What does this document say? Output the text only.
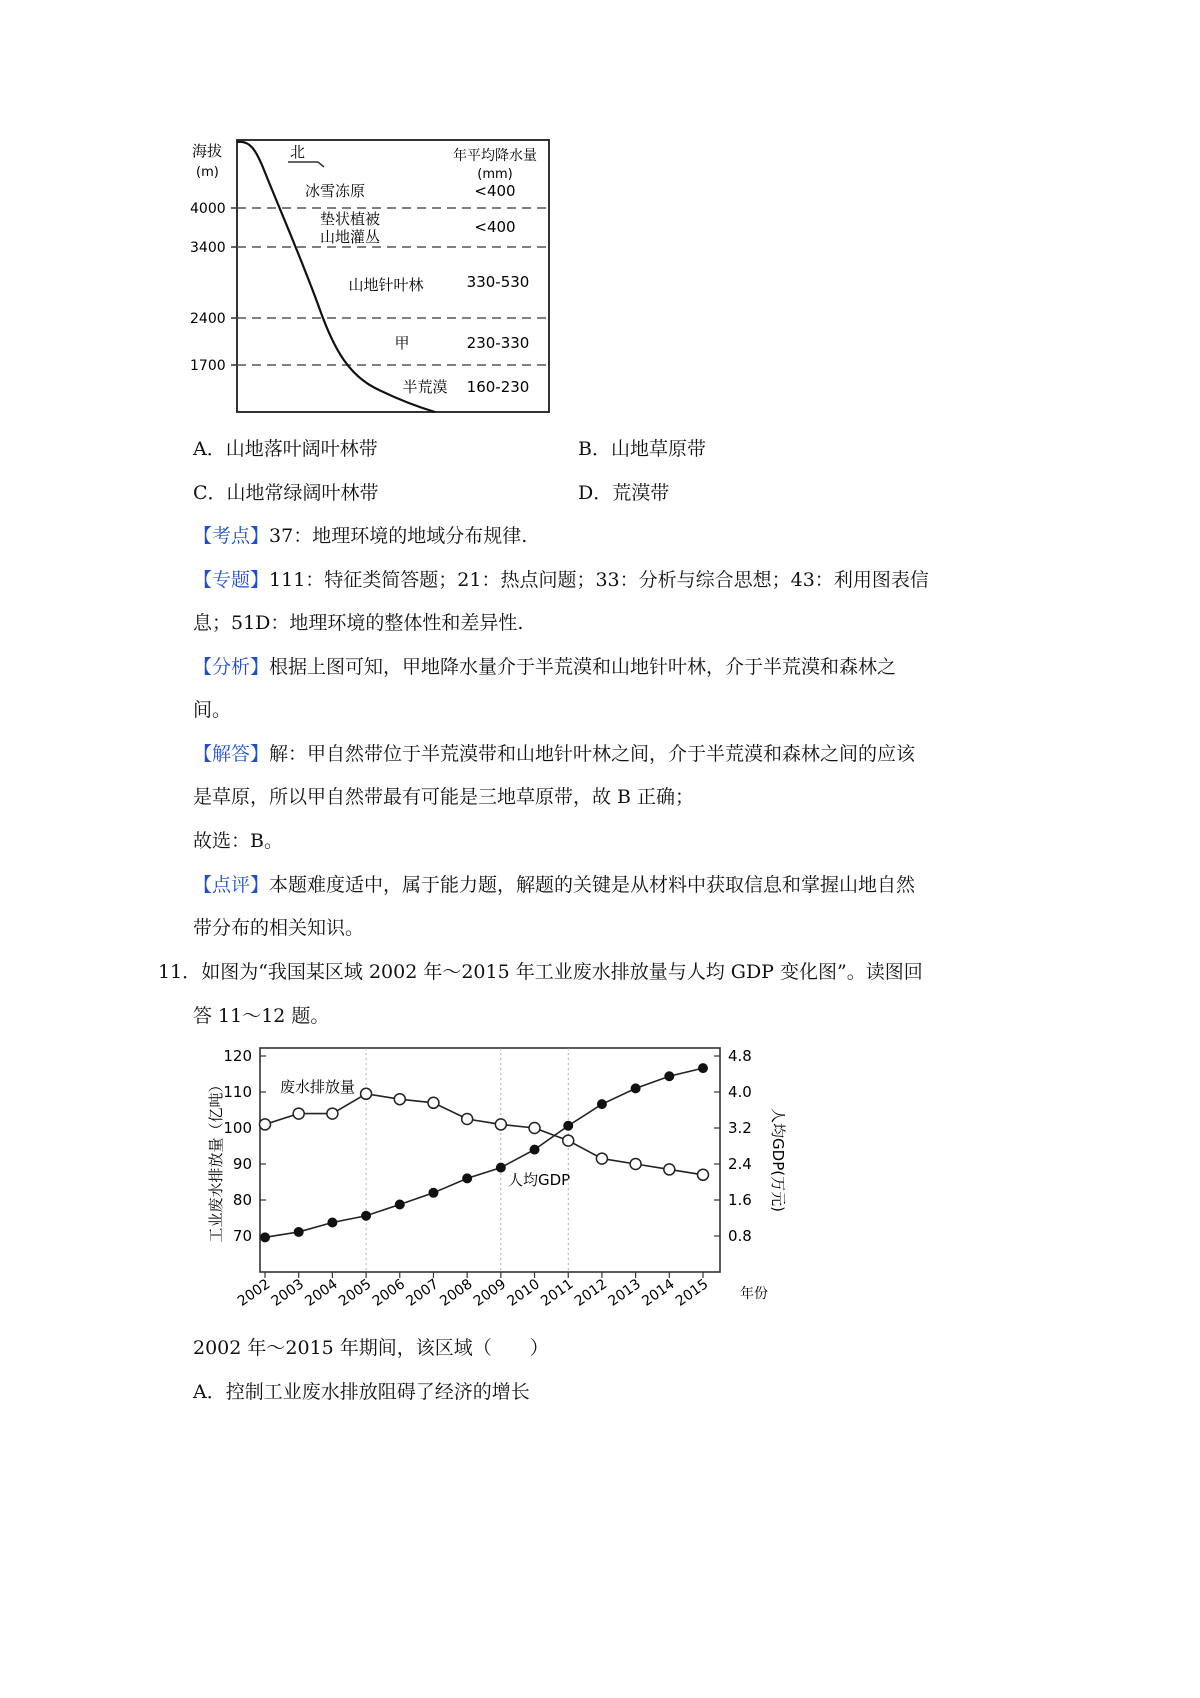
海拔
(m)
北	年平均降水量
(mm)
4000
3400
2400
1700
冰雪冻原
垫状植被
山地灌丛
山地针叶林
甲
半荒漠
<400
<400
330-530
230-330
160-230
A．山地落叶阔叶林带	B．山地草原带
C．山地常绿阔叶林带	D．荒漠带
【考点】37：地理环境的地域分布规律.
【专题】111：特征类简答题；21：热点问题；33：分析与综合思想；43：利用图表信
息；51D：地理环境的整体性和差异性.
【分析】根据上图可知，甲地降水量介于半荒漠和山地针叶林，介于半荒漠和森林之
间。
【解答】解：甲自然带位于半荒漠带和山地针叶林之间，介于半荒漠和森林之间的应该
是草原，所以甲自然带最有可能是三地草原带，故 B 正确；
故选：B。
【点评】本题难度适中，属于能力题，解题的关键是从材料中获取信息和掌握山地自然
带分布的相关知识。
11．如图为“我国某区域 2002 年～2015 年工业废水排放量与人均 GDP 变化图”。读图回
答 11～12 题。
工业废水排放量（亿吨）	人均GDP(万元)
年份
废水排放量
人均GDP
120
110
100
90
80
70
4.8
4.0
3.2
2.4
1.6
0.8
2002
2003
2004
2005
2006
2007
2008
2009
2010
2011
2012
2013
2014
2015
2002 年～2015 年期间，该区域（　　）
A．控制工业废水排放阻碍了经济的增长
